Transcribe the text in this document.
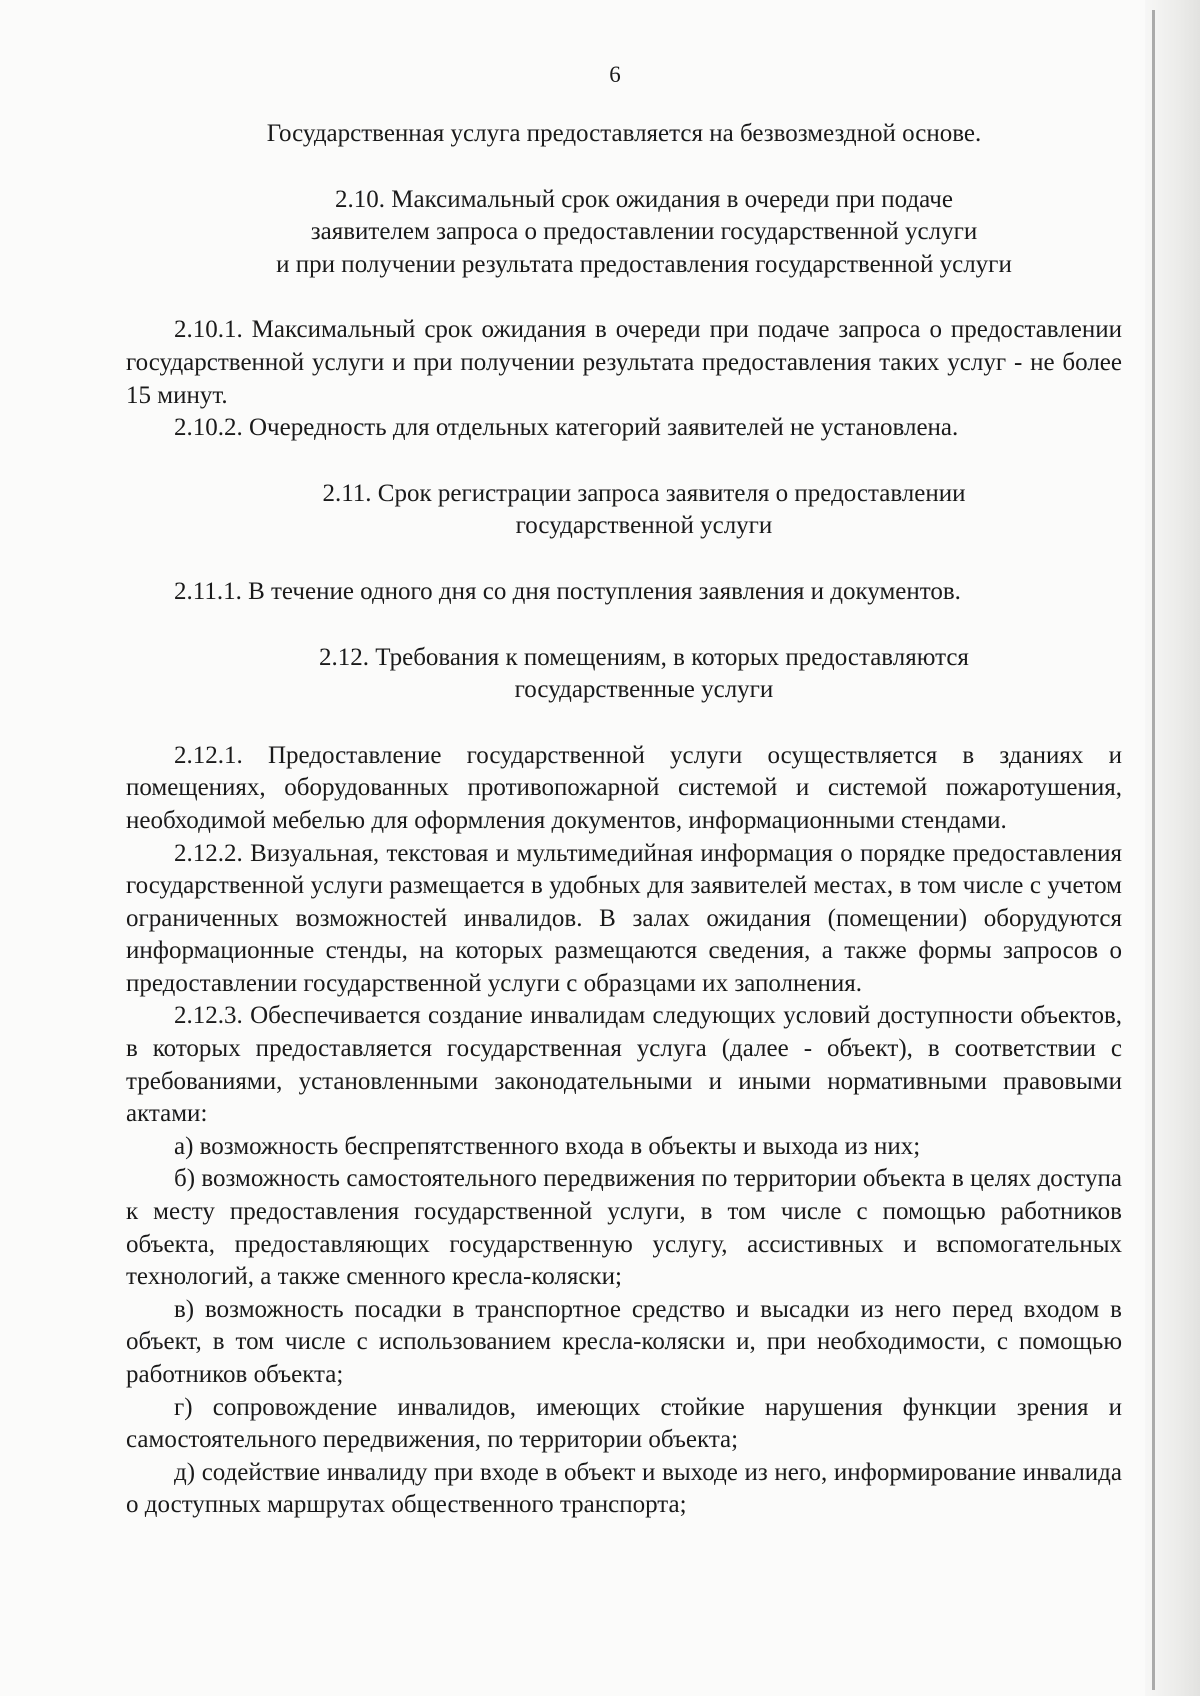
6

Государственная услуга предоставляется на безвозмездной основе.

2.10. Максимальный срок ожидания в очереди при подаче
заявителем запроса о предоставлении государственной услуги
и при получении результата предоставления государственной услуги

2.10.1. Максимальный срок ожидания в очереди при подаче запроса о предоставлении государственной услуги и при получении результата предоставления таких услуг - не более 15 минут.

2.10.2. Очередность для отдельных категорий заявителей не установлена.

2.11. Срок регистрации запроса заявителя о предоставлении
государственной услуги

2.11.1. В течение одного дня со дня поступления заявления и документов.

2.12. Требования к помещениям, в которых предоставляются
государственные услуги

2.12.1. Предоставление государственной услуги осуществляется в зданиях и помещениях, оборудованных противопожарной системой и системой пожаротушения, необходимой мебелью для оформления документов, информационными стендами.

2.12.2. Визуальная, текстовая и мультимедийная информация о порядке предоставления государственной услуги размещается в удобных для заявителей местах, в том числе с учетом ограниченных возможностей инвалидов. В залах ожидания (помещении) оборудуются информационные стенды, на которых размещаются сведения, а также формы запросов о предоставлении государственной услуги с образцами их заполнения.

2.12.3. Обеспечивается создание инвалидам следующих условий доступности объектов, в которых предоставляется государственная услуга (далее - объект), в соответствии с требованиями, установленными законодательными и иными нормативными правовыми актами:

а) возможность беспрепятственного входа в объекты и выхода из них;

б) возможность самостоятельного передвижения по территории объекта в целях доступа к месту предоставления государственной услуги, в том числе с помощью работников объекта, предоставляющих государственную услугу, ассистивных и вспомогательных технологий, а также сменного кресла-коляски;

в) возможность посадки в транспортное средство и высадки из него перед входом в объект, в том числе с использованием кресла-коляски и, при необходимости, с помощью работников объекта;

г) сопровождение инвалидов, имеющих стойкие нарушения функции зрения и самостоятельного передвижения, по территории объекта;

д) содействие инвалиду при входе в объект и выходе из него, информирование инвалида о доступных маршрутах общественного транспорта;
